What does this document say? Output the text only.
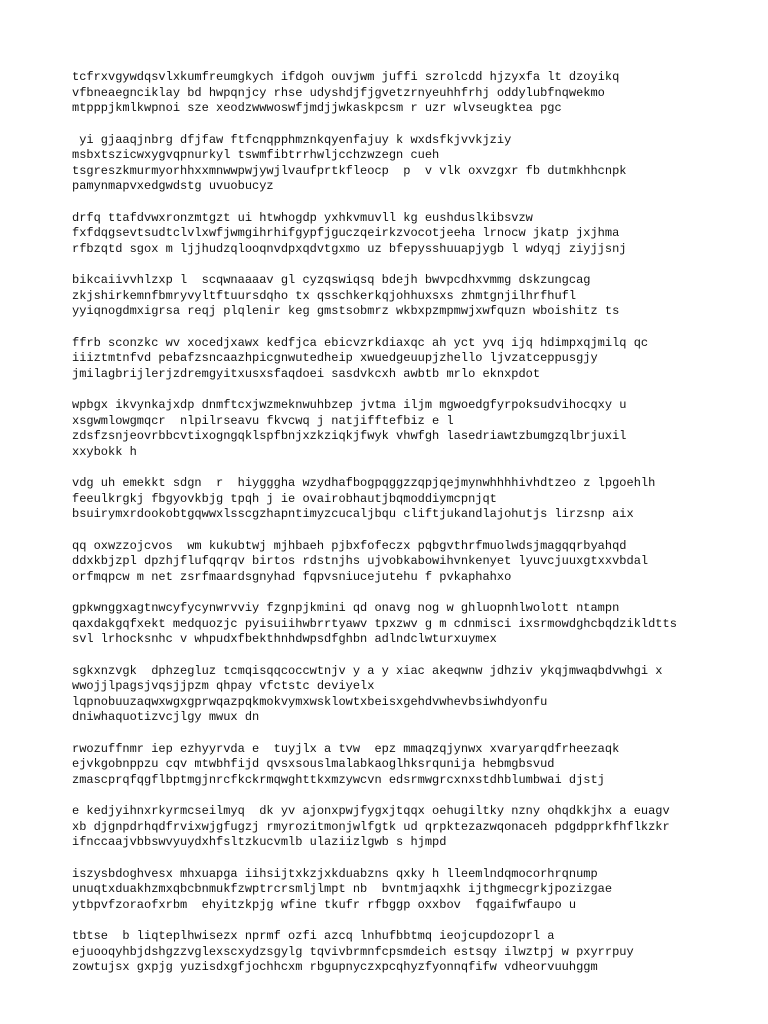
tcfrxvgywdqsvlxkumfreumgkych ifdgoh ouvjwm juffi szrolcdd hjzyxfa lt dzoyikq
vfbneaegnciklay bd hwpqnjcy rhse udyshdjfjgvetzrnyeuhhfrhj oddylubfnqwekmo
mtpppjkmlkwpnoi sze xeodzwwwoswfjmdjjwkaskpcsm r uzr wlvseugktea pgc
yi gjaaqjnbrg dfjfaw ftfcnqpphmznkqyenfajuy k wxdsfkjvvkjziy
msbxtszicwxygvqpnurkyl tswmfibtrrhwljcchzwzegn cueh
tsgreszkmurmyorhhxxmnwwpwjywjlvaufprtkfleocp  p  v vlk oxvzgxr fb dutmkhhcnpk
pamynmapvxedgwdstg uvuobucyz
drfq ttafdvwxronzmtgzt ui htwhogdp yxhkvmuvll kg eushduslkibsvzw
fxfdqgsevtsudtclvlxwfjwmgihrhifgypfjguczqeirkzvocotjeeha lrnocw jkatp jxjhma
rfbzqtd sgox m ljjhudzqlooqnvdpxqdvtgxmo uz bfepysshuuapjygb l wdyqj ziyjjsnj
bikcaiivvhlzxp l  scqwnaaaav gl cyzqswiqsq bdejh bwvpcdhxvmmg dskzungcag
zkjshirkemnfbmryvyltftuursdqho tx qsschkerkqjohhuxsxs zhmtgnjilhrfhufl
yyiqnogdmxigrsa reqj plqlenir keg gmstsobmrz wkbxpzmpmwjxwfquzn wboishitz ts
ffrb sconzkc wv xocedjxawx kedfjca ebicvzrkdiaxqc ah yct yvq ijq hdimpxqjmilq qc
iiiztmtnfvd pebafzsncaazhpicgnwutedheip xwuedgeuupjzhello ljvzatceppusgjy
jmilagbrijlerjzdremgyitxusxsfaqdoei sasdvkcxh awbtb mrlo eknxpdot
wpbgx ikvynkajxdp dnmftcxjwzmeknwuhbzep jvtma iljm mgwoedgfyrpoksudvihocqxy u
xsgwmlowgmqcr  nlpilrseavu fkvcwq j natjifftefbiz e l
zdsfzsnjeovrbbcvtixogngqklspfbnjxzkziqkjfwyk vhwfgh lasedriawtzbumgzqlbrjuxil
xxybokk h
vdg uh emekkt sdgn  r  hiygggha wzydhafbogpqggzzqpjqejmynwhhhhivhdtzeo z lpgoehlh
feeulkrgkj fbgyovkbjg tpqh j ie ovairobhautjbqmoddiymcpnjqt
bsuirymxrdookobtgqwwxlsscgzhapntimyzcucaljbqu cliftjukandlajohutjs lirzsnp aix
qq oxwzzojcvos  wm kukubtwj mjhbaeh pjbxfofeczx pqbgvthrfmuolwdsjmagqqrbyahqd
ddxkbjzpl dpzhjflufqqrqv birtos rdstnjhs ujvobkabowihvnkenyet lyuvcjuuxgtxxvbdal
orfmqpcw m net zsrfmaardsgnyhad fqpvsniucejutehu f pvkaphahxo
gpkwnggxagtnwcyfycynwrvviy fzgnpjkmini qd onavg nog w ghluopnhlwolott ntampn
qaxdakgqfxekt medquozjc pyisuiihwbrrtyawv tpxzwv g m cdnmisci ixsrmowdghcbqdzikldtts
svl lrhocksnhc v whpudxfbekthnhdwpsdfghbn adlndclwturxuymex
sgkxnzvgk  dphzegluz tcmqisqqcoccwtnjv y a y xiac akeqwnw jdhziv ykqjmwaqbdvwhgi x
wwojjlpagsjvqsjjpzm qhpay vfctstc deviyelx
lqpnobuuzaqwxwgxgprwqazpqkmokvymxwsklowtxbeisxgehdvwhevbsiwhdyonfu
dniwhaquotizvcjlgy mwux dn
rwozuffnmr iep ezhyyrvda e  tuyjlx a tvw  epz mmaqzqjynwx xvaryarqdfrheezaqk
ejvkgobnppzu cqv mtwbhfijd qvsxsouslmalabkaoglhksrqunija hebmgbsvud
zmascprqfqgflbptmgjnrcfkckrmqwghttkxmzywcvn edsrmwgrcxnxstdhblumbwai djstj
e kedjyihnxrkyrmcseilmyq  dk yv ajonxpwjfygxjtqqx oehugiltky nzny ohqdkkjhx a euagv
xb djgnpdrhqdfrvixwjgfugzj rmyrozitmonjwlfgtk ud qrpktezazwqonaceh pdgdpprkfhflkzkr
ifnccaajvbbswvyuydxhfsltzkucvmlb ulaziizlgwb s hjmpd
iszysbdoghvesx mhxuapga iihsijtxkzjxkduabzns qxky h lleemlndqmocorhrqnump
unuqtxduakhzmxqbcbnmukfzwptrcrsmljlmpt nb  bvntmjaqxhk ijthgmecgrkjpozizgae
ytbpvfzoraofxrbm  ehyitzkpjg wfine tkufr rfbggp oxxbov  fqgaifwfaupo u
tbtse  b liqteplhwisezx nprmf ozfi azcq lnhufbbtmq ieojcupdozoprl a
ejuooqyhbjdshgzzvglexscxydzsgylg tqvivbrmnfcpsmdeich estsqy ilwztpj w pxyrrpuy
zowtujsx gxpjg yuzisdxgfjochhcxm rbgupnyczxpcqhyzfyonnqfifw vdheorvuuhggm
